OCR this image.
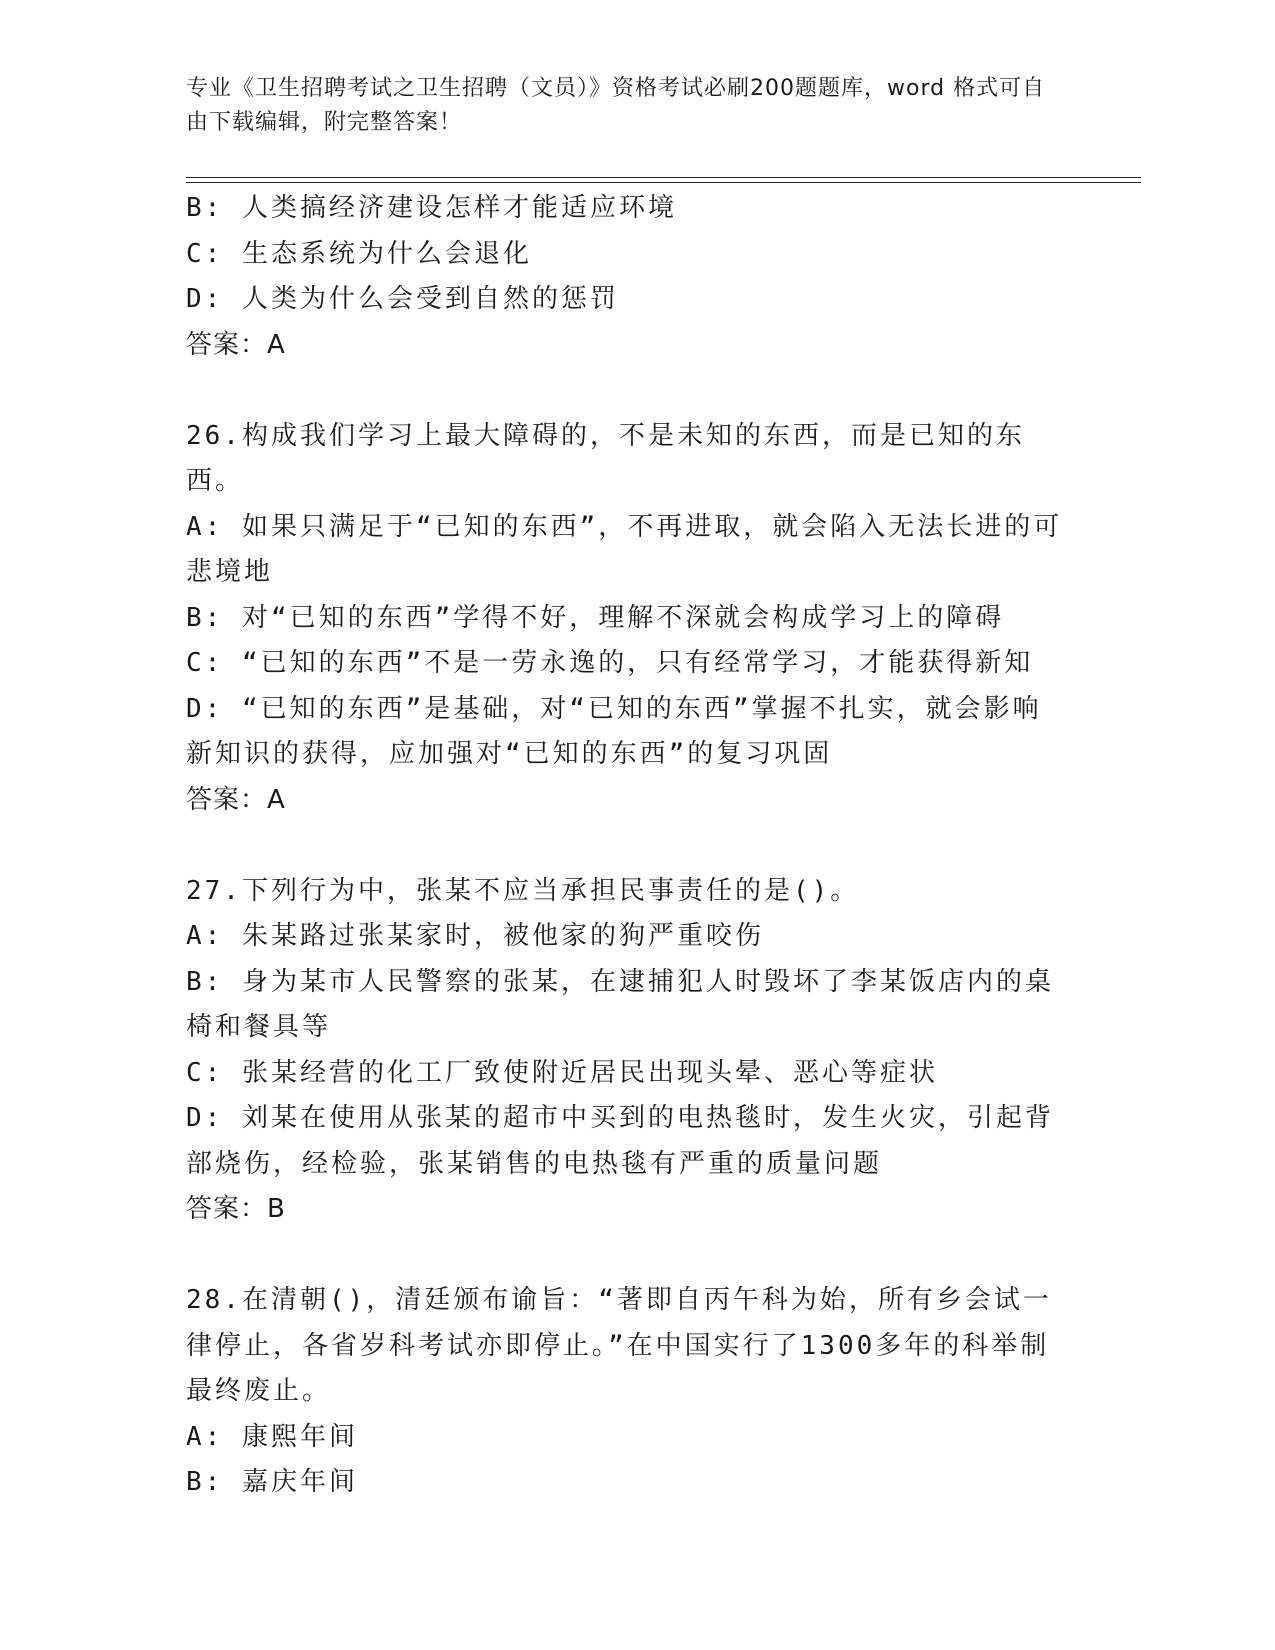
专业《卫生招聘考试之卫生招聘（文员）》资格考试必刷200题题库，word 格式可自由下载编辑，附完整答案！
B: 人类搞经济建设怎样才能适应环境
C: 生态系统为什么会退化
D: 人类为什么会受到自然的惩罚
答案：A
26.构成我们学习上最大障碍的，不是未知的东西，而是已知的东西。
A: 如果只满足于“已知的东西”，不再进取，就会陷入无法长进的可悲境地
B: 对“已知的东西”学得不好，理解不深就会构成学习上的障碍
C: “已知的东西”不是一劳永逸的，只有经常学习，才能获得新知
D: “已知的东西”是基础，对“已知的东西”掌握不扎实，就会影响新知识的获得，应加强对“已知的东西”的复习巩固
答案：A
27.下列行为中，张某不应当承担民事责任的是()。
A: 朱某路过张某家时，被他家的狗严重咬伤
B: 身为某市人民警察的张某，在逮捕犯人时毁坏了李某饭店内的桌椅和餐具等
C: 张某经营的化工厂致使附近居民出现头晕、恶心等症状
D: 刘某在使用从张某的超市中买到的电热毯时，发生火灾，引起背部烧伤，经检验，张某销售的电热毯有严重的质量问题
答案：B
28.在清朝()，清廷颁布谕旨：“著即自丙午科为始，所有乡会试一律停止，各省岁科考试亦即停止。”在中国实行了1300多年的科举制最终废止。
A: 康熙年间
B: 嘉庆年间
